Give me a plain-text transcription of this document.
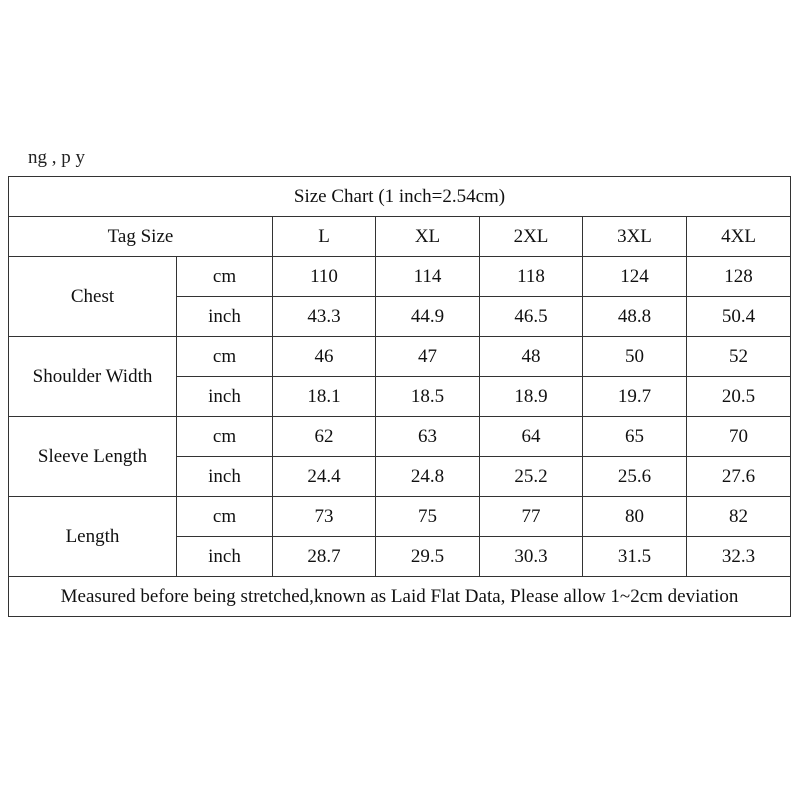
ng , p y
Size Chart (1 inch=2.54cm)						
Tag Size		L	XL	2XL	3XL	4XL
Chest	cm	110	114	118	124	128
	inch	43.3	44.9	46.5	48.8	50.4
Shoulder Width	cm	46	47	48	50	52
	inch	18.1	18.5	18.9	19.7	20.5
Sleeve Length	cm	62	63	64	65	70
	inch	24.4	24.8	25.2	25.6	27.6
Length	cm	73	75	77	80	82
	inch	28.7	29.5	30.3	31.5	32.3
Measured before being stretched,known as Laid Flat Data, Please allow 1~2cm deviation						
